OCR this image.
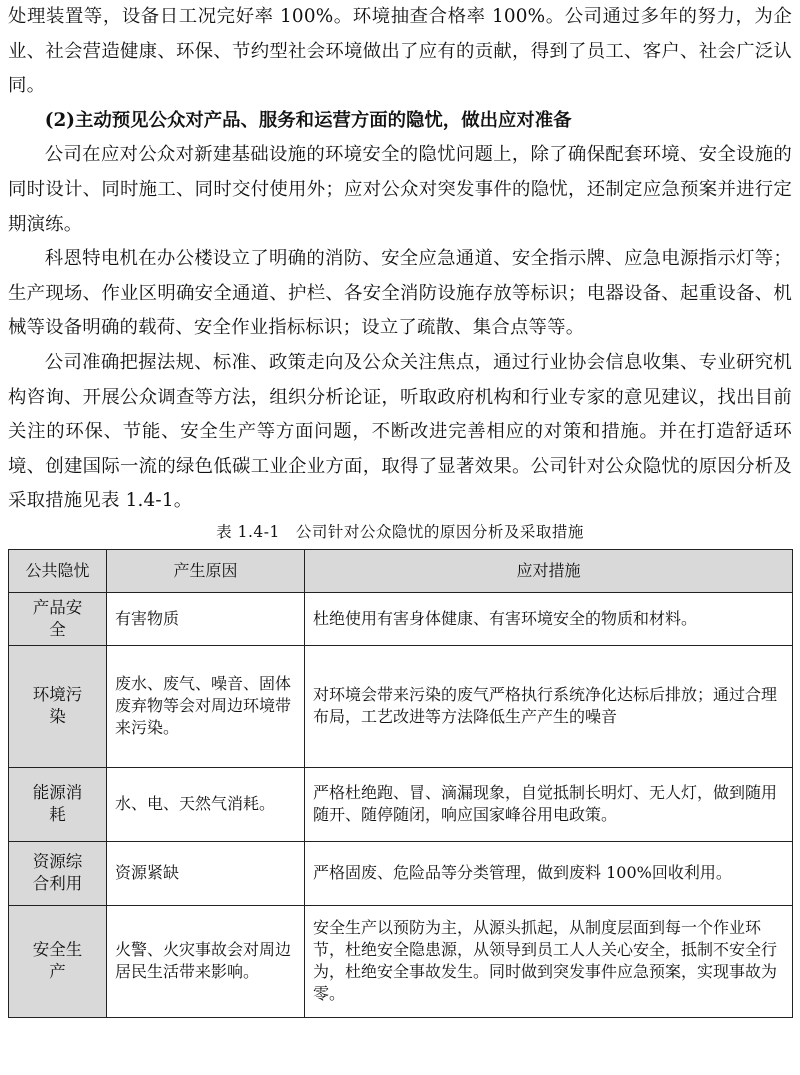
处理装置等，设备日工况完好率 100%。环境抽查合格率 100%。公司通过多年的努力，为企业、社会营造健康、环保、节约型社会环境做出了应有的贡献，得到了员工、客户、社会广泛认同。

(2)主动预见公众对产品、服务和运营方面的隐忧，做出应对准备

公司在应对公众对新建基础设施的环境安全的隐忧问题上，除了确保配套环境、安全设施的同时设计、同时施工、同时交付使用外；应对公众对突发事件的隐忧，还制定应急预案并进行定期演练。

科恩特电机在办公楼设立了明确的消防、安全应急通道、安全指示牌、应急电源指示灯等；生产现场、作业区明确安全通道、护栏、各安全消防设施存放等标识；电器设备、起重设备、机械等设备明确的载荷、安全作业指标标识；设立了疏散、集合点等等。

公司准确把握法规、标准、政策走向及公众关注焦点，通过行业协会信息收集、专业研究机构咨询、开展公众调查等方法，组织分析论证，听取政府机构和行业专家的意见建议，找出目前关注的环保、节能、安全生产等方面问题，不断改进完善相应的对策和措施。并在打造舒适环境、创建国际一流的绿色低碳工业企业方面，取得了显著效果。公司针对公众隐忧的原因分析及采取措施见表 1.4-1。

表 1.4-1　公司针对公众隐忧的原因分析及采取措施
公共隐忧	产生原因	应对措施
产品安全	有害物质	杜绝使用有害身体健康、有害环境安全的物质和材料。
环境污染	废水、废气、噪音、固体废弃物等会对周边环境带来污染。	对环境会带来污染的废气严格执行系统净化达标后排放；通过合理布局，工艺改进等方法降低生产产生的噪音
能源消耗	水、电、天然气消耗。	严格杜绝跑、冒、滴漏现象，自觉抵制长明灯、无人灯，做到随用随开、随停随闭，响应国家峰谷用电政策。
资源综合利用	资源紧缺	严格固废、危险品等分类管理，做到废料 100%回收利用。
安全生产	火警、火灾事故会对周边居民生活带来影响。	安全生产以预防为主，从源头抓起，从制度层面到每一个作业环节，杜绝安全隐患源，从领导到员工人人关心安全，抵制不安全行为，杜绝安全事故发生。同时做到突发事件应急预案，实现事故为零。
